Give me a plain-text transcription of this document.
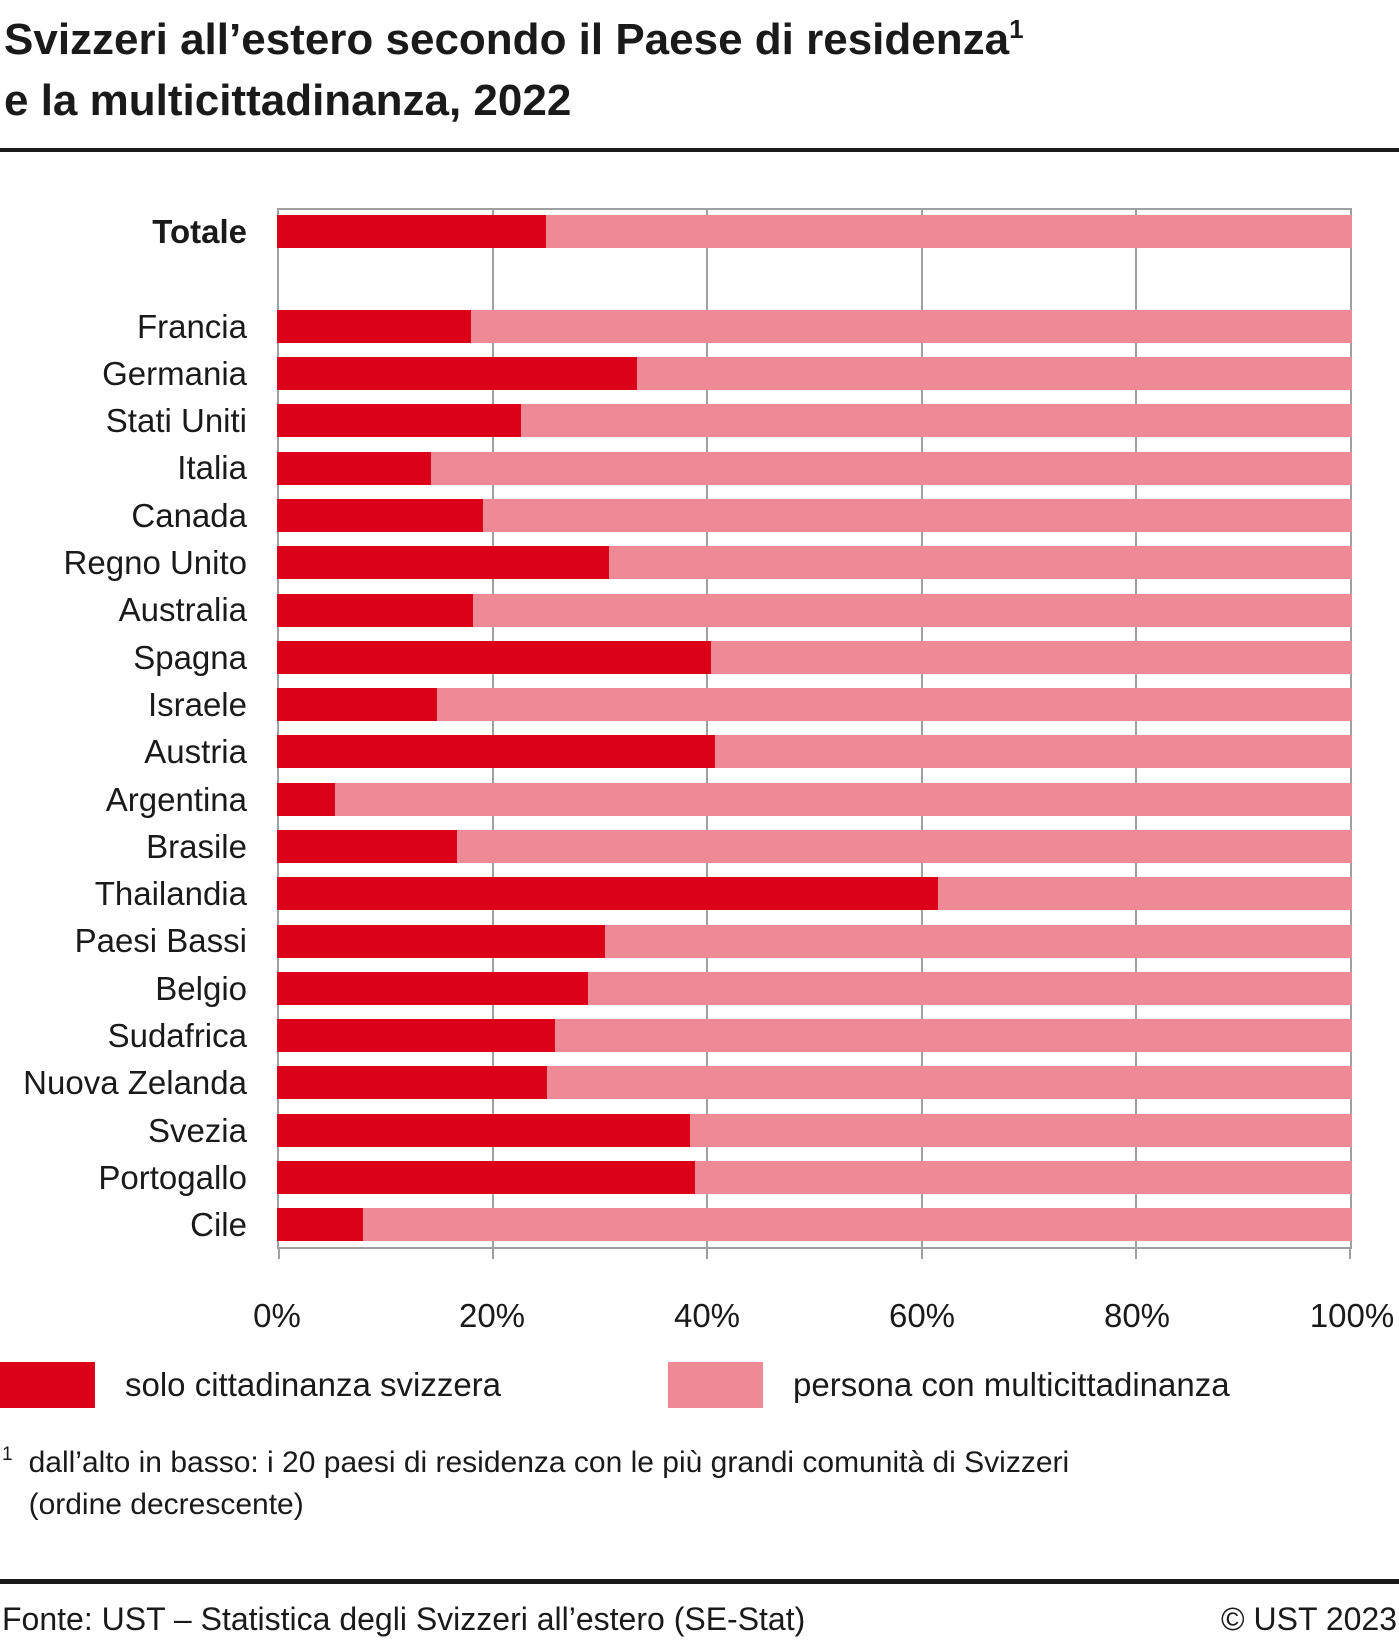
Svizzeri all’estero secondo il Paese di residenza$^1$
e la multicittadinanza, 2022
Totale
Francia
Germania
Stati Uniti
Italia
Canada
Regno Unito
Australia
Spagna
Israele
Austria
Argentina
Brasile
Thailandia
Paesi Bassi
Belgio
Sudafrica
Nuova Zelanda
Svezia
Portogallo
Cile
0%	20%	40%	60%	80%	100%
solo cittadinanza svizzera	persona con multicittadinanza
1 dall’alto in basso: i 20 paesi di residenza con le più grandi comunità di Svizzeri
(ordine decrescente)
Fonte: UST – Statistica degli Svizzeri all’estero (SE-Stat)	© UST 2023
